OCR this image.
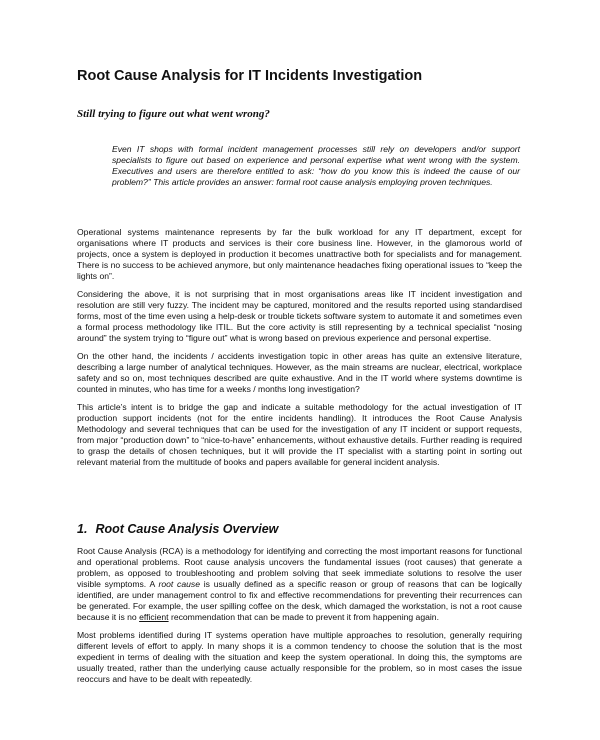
Root Cause Analysis for IT Incidents Investigation
Still trying to figure out what went wrong?

Even IT shops with formal incident management processes still rely on developers and/or support specialists to figure out based on experience and personal expertise what went wrong with the system. Executives and users are therefore entitled to ask: “how do you know this is indeed the cause of our problem?” This article provides an answer: formal root cause analysis employing proven techniques.

Operational systems maintenance represents by far the bulk workload for any IT department, except for organisations where IT products and services is their core business line. However, in the glamorous world of projects, once a system is deployed in production it becomes unattractive both for specialists and for management. There is no success to be achieved anymore, but only maintenance headaches fixing operational issues to “keep the lights on”.

Considering the above, it is not surprising that in most organisations areas like IT incident investigation and resolution are still very fuzzy. The incident may be captured, monitored and the results reported using standardised forms, most of the time even using a help-desk or trouble tickets software system to automate it and sometimes even a formal process methodology like ITIL. But the core activity is still representing by a technical specialist “nosing around” the system trying to “figure out” what is wrong based on previous experience and personal expertise.

On the other hand, the incidents / accidents investigation topic in other areas has quite an extensive literature, describing a large number of analytical techniques. However, as the main streams are nuclear, electrical, workplace safety and so on, most techniques described are quite exhaustive. And in the IT world where systems downtime is counted in minutes, who has time for a weeks / months long investigation?

This article’s intent is to bridge the gap and indicate a suitable methodology for the actual investigation of IT production support incidents (not for the entire incidents handling). It introduces the Root Cause Analysis Methodology and several techniques that can be used for the investigation of any IT incident or support requests, from major “production down” to “nice-to-have” enhancements, without exhaustive details. Further reading is required to grasp the details of chosen techniques, but it will provide the IT specialist with a starting point in sorting out relevant material from the multitude of books and papers available for general incident analysis.

1. Root Cause Analysis Overview

Root Cause Analysis (RCA) is a methodology for identifying and correcting the most important reasons for functional and operational problems. Root cause analysis uncovers the fundamental issues (root causes) that generate a problem, as opposed to troubleshooting and problem solving that seek immediate solutions to resolve the user visible symptoms. A root cause is usually defined as a specific reason or group of reasons that can be logically identified, are under management control to fix and effective recommendations for preventing their recurrences can be generated. For example, the user spilling coffee on the desk, which damaged the workstation, is not a root cause because it is no efficient recommendation that can be made to prevent it from happening again.

Most problems identified during IT systems operation have multiple approaches to resolution, generally requiring different levels of effort to apply. In many shops it is a common tendency to choose the solution that is the most expedient in terms of dealing with the situation and keep the system operational. In doing this, the symptoms are usually treated, rather than the underlying cause actually responsible for the problem, so in most cases the issue reoccurs and have to be dealt with repeatedly.
